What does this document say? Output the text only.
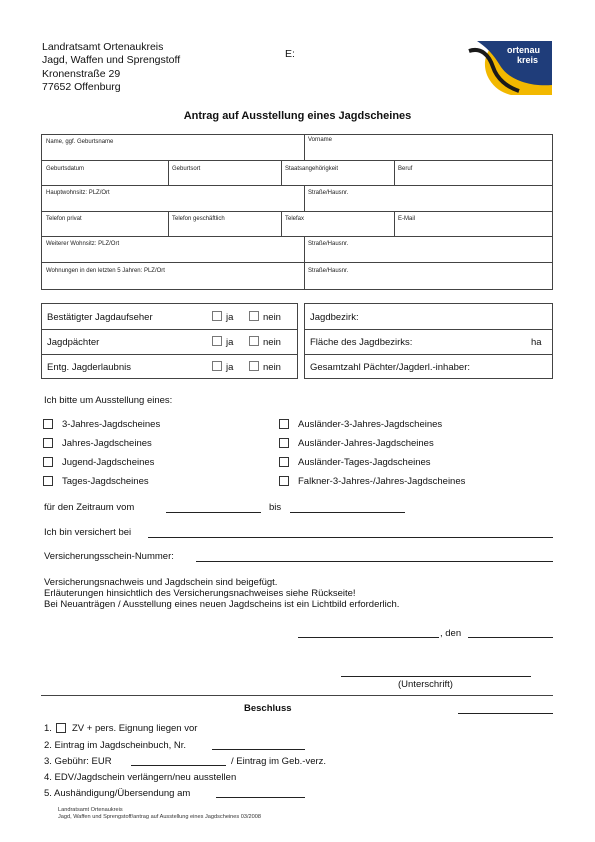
Landratsamt Ortenaukreis
Jagd, Waffen und Sprengstoff
Kronenstraße 29
77652 Offenburg
E:	ortenau
kreis
Antrag auf Ausstellung eines Jagdscheines
Name, ggf. Geburtsname	Vorname
Geburtsdatum	Geburtsort	Staatsangehörigkeit	Beruf
Hauptwohnsitz: PLZ/Ort	Straße/Hausnr.
Telefon privat	Telefon geschäftlich	Telefax	E-Mail
Weiterer Wohnsitz: PLZ/Ort	Straße/Hausnr.
Wohnungen in den letzten 5 Jahren: PLZ/Ort	Straße/Hausnr.
Bestätigter Jagdaufseher	ja	nein
Jagdpächter	ja	nein
Entg. Jagderlaubnis	ja	nein
Jagdbezirk:
Fläche des Jagdbezirks:	ha
Gesamtzahl Pächter/Jagderl.-inhaber:
Ich bitte um Ausstellung eines:
3-Jahres-Jagdscheines
Jahres-Jagdscheines
Jugend-Jagdscheines
Tages-Jagdscheines
Ausländer-3-Jahres-Jagdscheines
Ausländer-Jahres-Jagdscheines
Ausländer-Tages-Jagdscheines
Falkner-3-Jahres-/Jahres-Jagdscheines
für den Zeitraum vom	bis
Ich bin versichert bei
Versicherungsschein-Nummer:
Versicherungsnachweis und Jagdschein sind beigefügt.
Erläuterungen hinsichtlich des Versicherungsnachweises siehe Rückseite!
Bei Neuanträgen / Ausstellung eines neuen Jagdscheins ist ein Lichtbild erforderlich.
, den
(Unterschrift)
Beschluss
1. ZV + pers. Eignung liegen vor
2. Eintrag im Jagdscheinbuch, Nr.
3. Gebühr: EUR	/ Eintrag im Geb.-verz.
4. EDV/Jagdschein verlängern/neu ausstellen
5. Aushändigung/Übersendung am
Landratsamt Ortenaukreis
Jagd, Waffen und Sprengstoff/antrag auf Ausstellung eines Jagdscheines 03/2008
